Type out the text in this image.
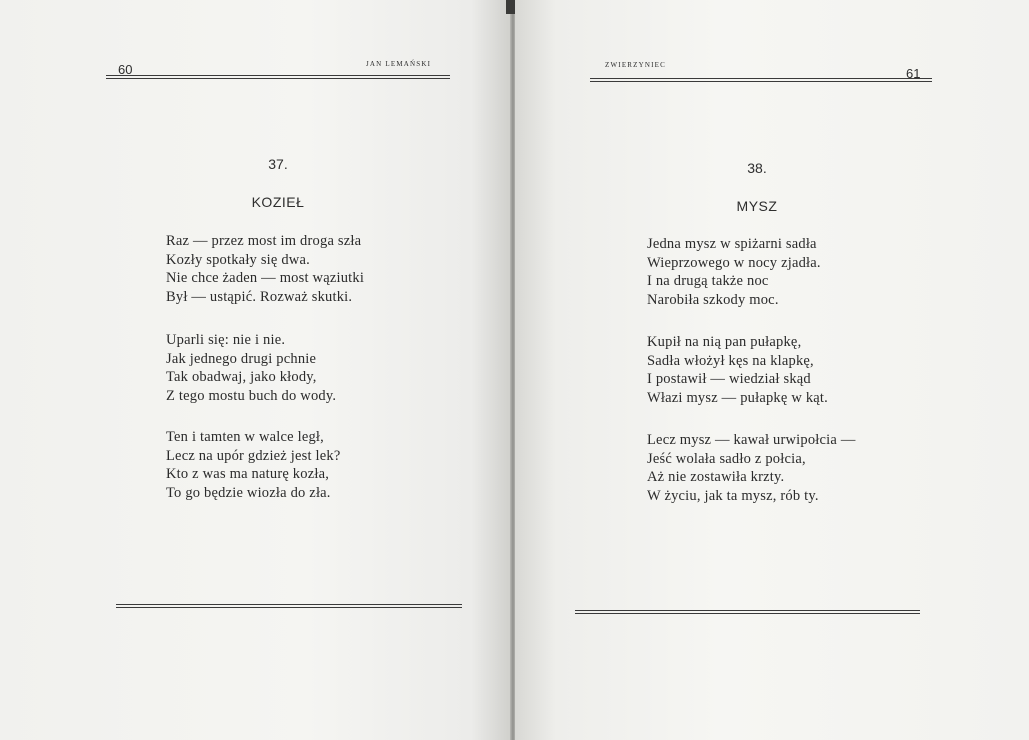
60	JAN LEMAŃSKI
37.
KOZIEŁ
Raz — przez most im droga szła
Kozły spotkały się dwa.
Nie chce żaden — most wąziutki
Był — ustąpić. Rozważ skutki.
Uparli się: nie i nie.
Jak jednego drugi pchnie
Tak obadwaj, jako kłody,
Z tego mostu buch do wody.
Ten i tamten w walce legł,
Lecz na upór gdzież jest lek?
Kto z was ma naturę kozła,
To go będzie wiozła do zła.
ZWIERZYNIEC
61
38.
MYSZ
Jedna mysz w spiżarni sadła
Wieprzowego w nocy zjadła.
I na drugą także noc
Narobiła szkody moc.
Kupił na nią pan pułapkę,
Sadła włożył kęs na klapkę,
I postawił — wiedział skąd
Włazi mysz — pułapkę w kąt.
Lecz mysz — kawał urwipołcia —
Jeść wolała sadło z połcia,
Aż nie zostawiła krzty.
W życiu, jak ta mysz, rób ty.
